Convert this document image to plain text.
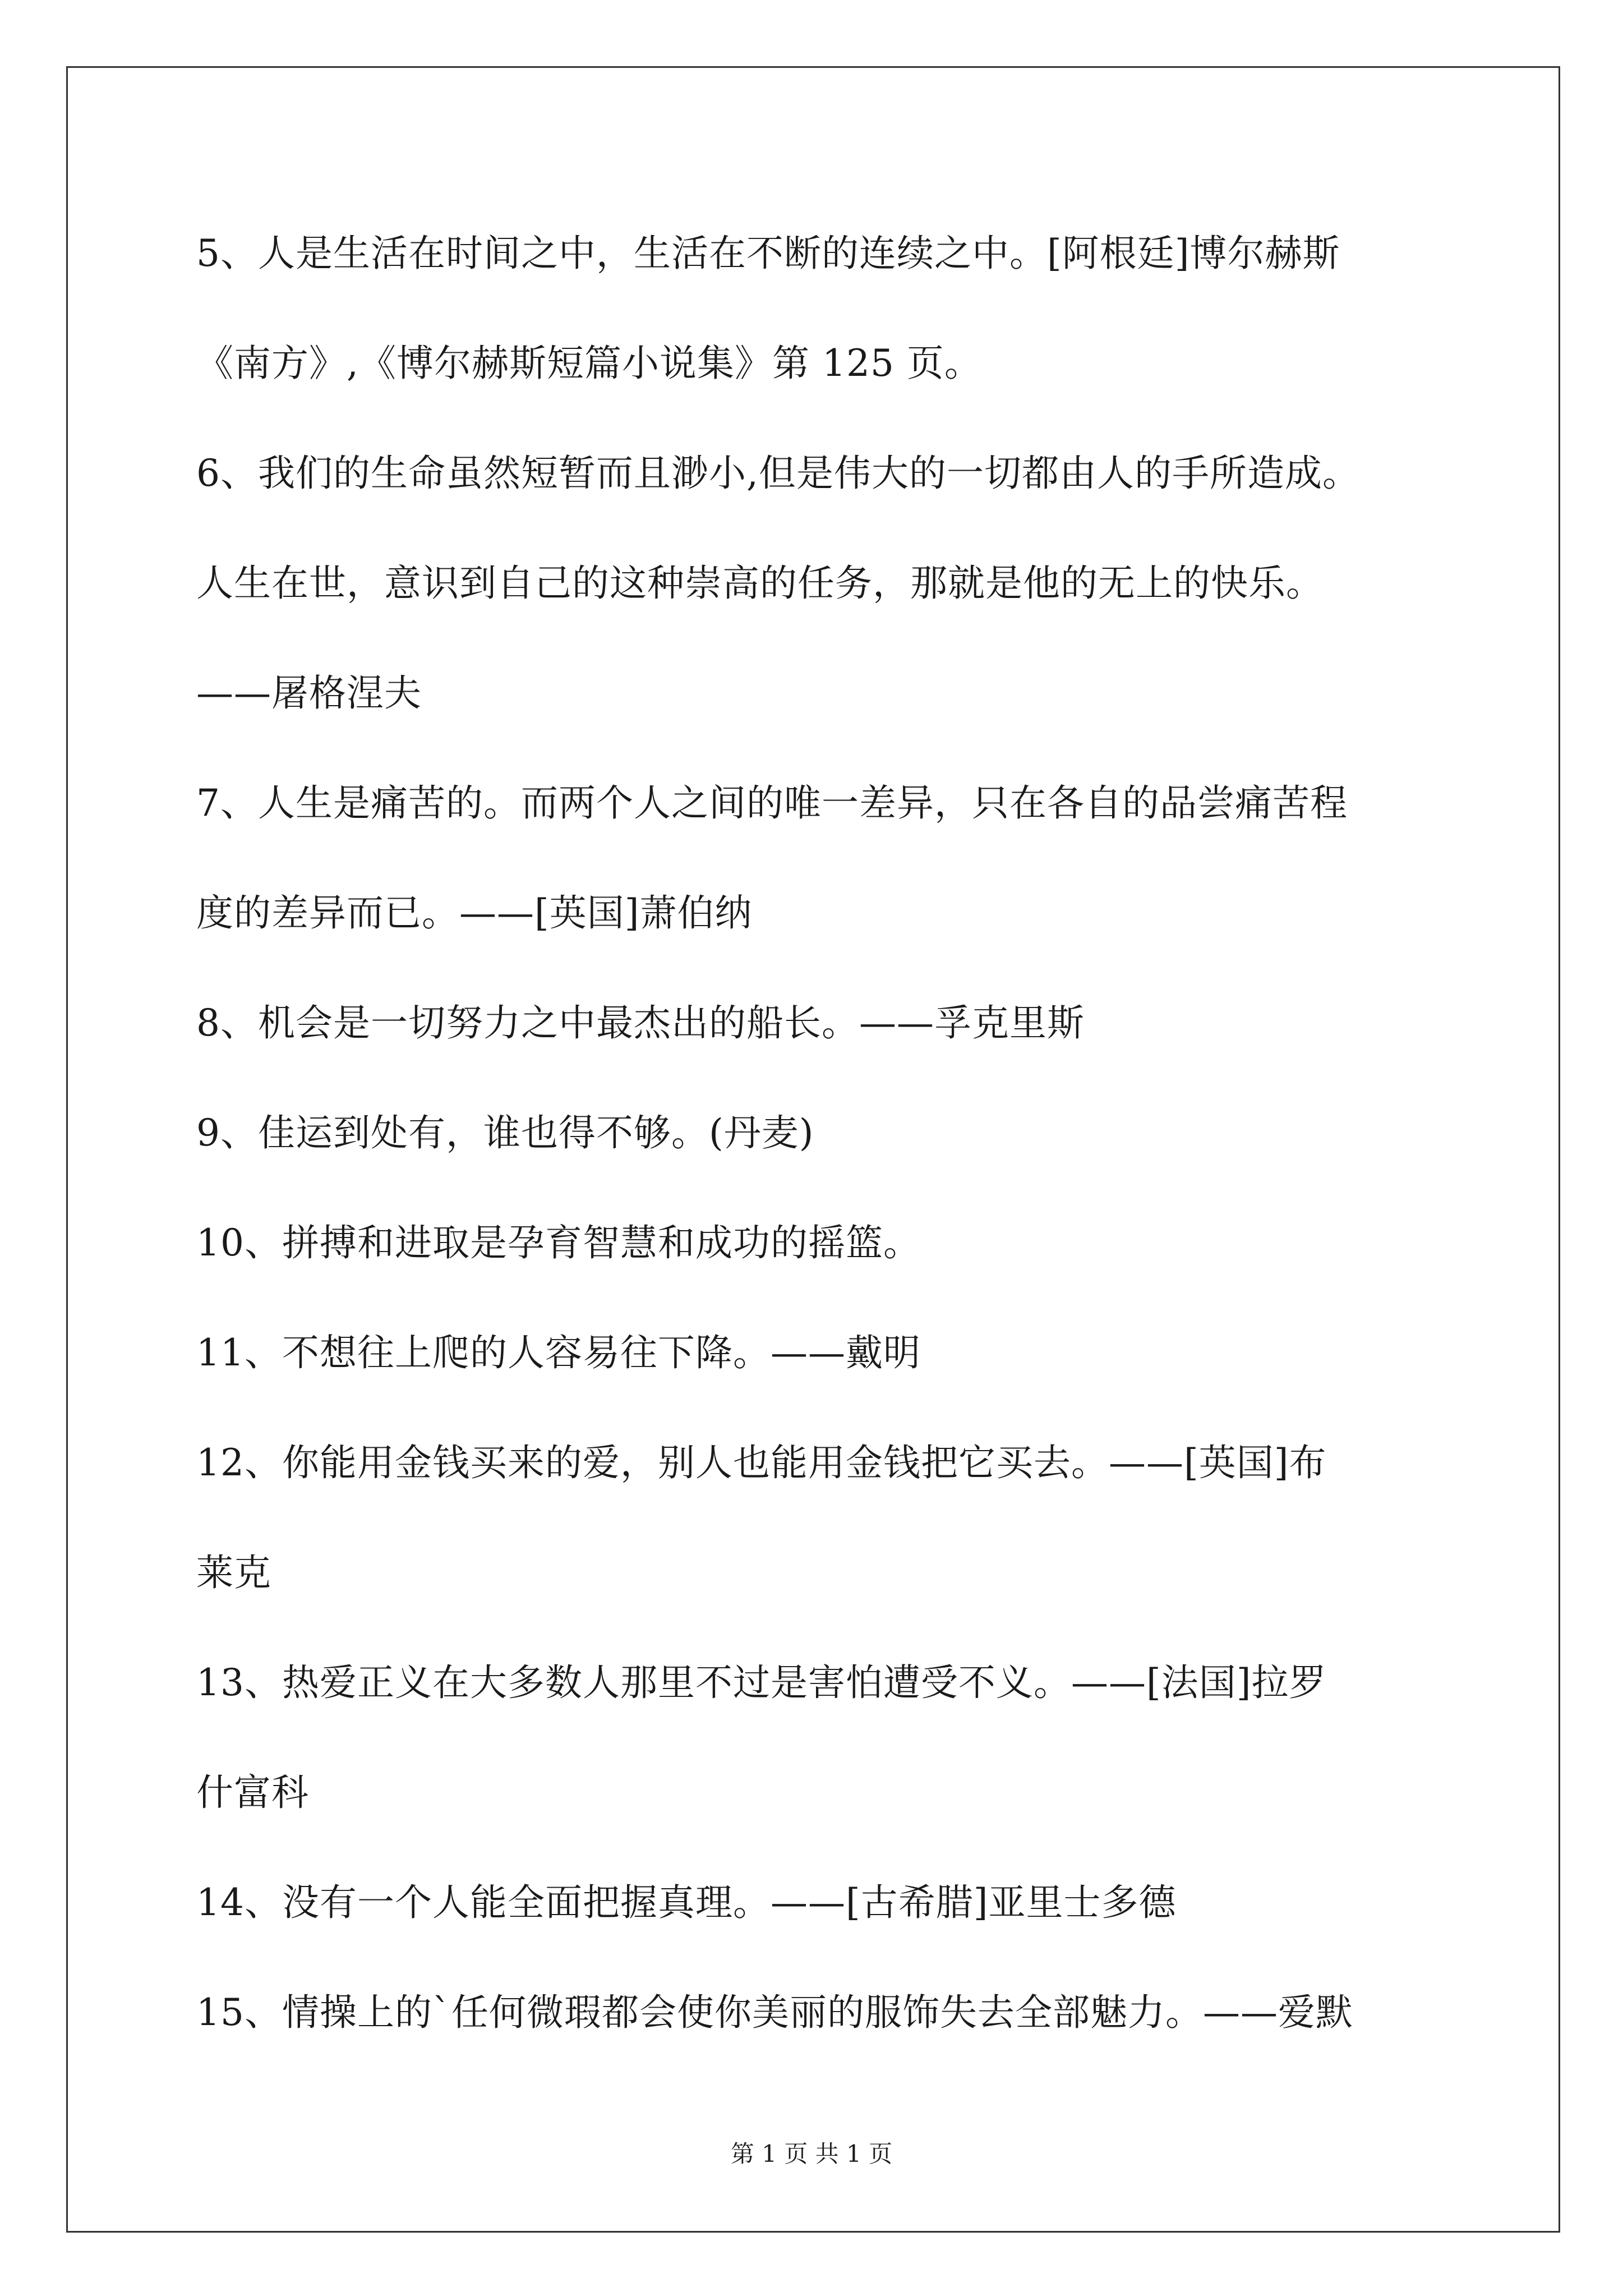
5、人是生活在时间之中，生活在不断的连续之中。[阿根廷]博尔赫斯
《南方》,《博尔赫斯短篇小说集》第 125 页。
6、我们的生命虽然短暂而且渺小,但是伟大的一切都由人的手所造成。
人生在世，意识到自己的这种崇高的任务，那就是他的无上的快乐。
——屠格涅夫
7、人生是痛苦的。而两个人之间的唯一差异，只在各自的品尝痛苦程
度的差异而已。——[英国]萧伯纳
8、机会是一切努力之中最杰出的船长。——孚克里斯
9、佳运到处有，谁也得不够。(丹麦)
10、拼搏和进取是孕育智慧和成功的摇篮。
11、不想往上爬的人容易往下降。——戴明
12、你能用金钱买来的爱，别人也能用金钱把它买去。——[英国]布
莱克
13、热爱正义在大多数人那里不过是害怕遭受不义。——[法国]拉罗
什富科
14、没有一个人能全面把握真理。——[古希腊]亚里士多德
15、情操上的`任何微瑕都会使你美丽的服饰失去全部魅力。——爱默
第 1 页 共 1 页
